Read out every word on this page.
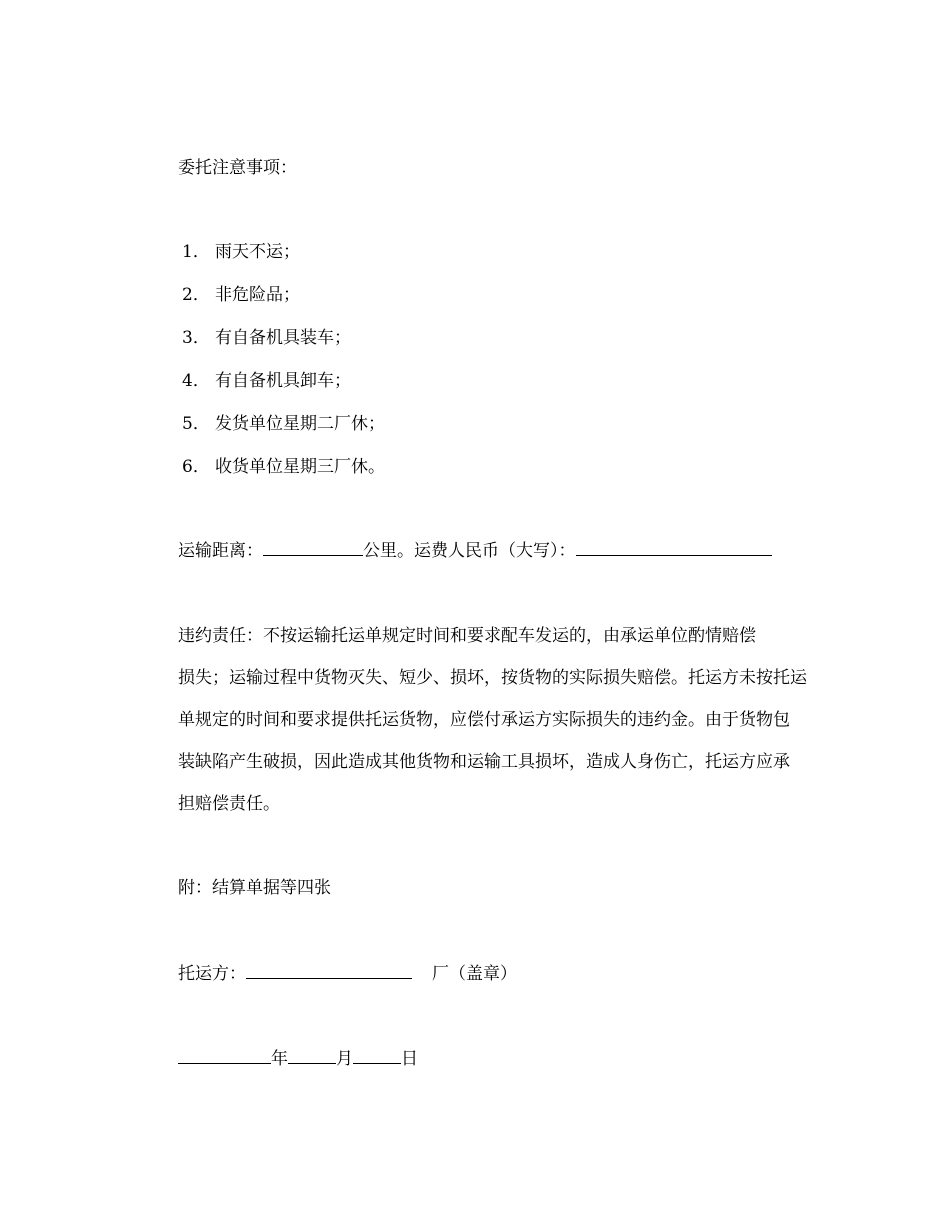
委托注意事项：
1． 雨天不运；
2． 非危险品；
3． 有自备机具装车；
4． 有自备机具卸车；
5． 发货单位星期二厂休；
6． 收货单位星期三厂休。
运输距离：	公里。运费人民币（大写）：
违约责任：不按运输托运单规定时间和要求配车发运的，由承运单位酌情赔偿
损失；运输过程中货物灭失、短少、损坏，按货物的实际损失赔偿。托运方未按托运
单规定的时间和要求提供托运货物，应偿付承运方实际损失的违约金。由于货物包
装缺陷产生破损，因此造成其他货物和运输工具损坏，造成人身伤亡，托运方应承
担赔偿责任。
附：结算单据等四张
托运方：	厂（盖章）
年	月	日
